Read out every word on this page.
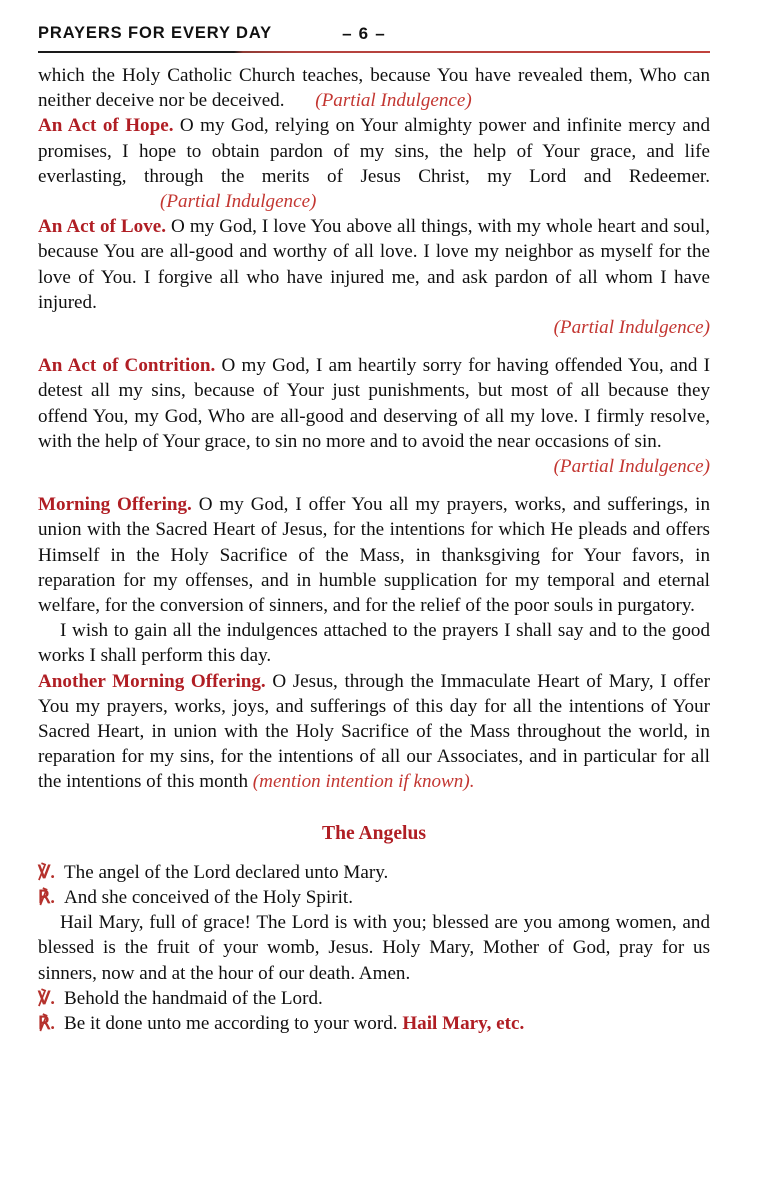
PRAYERS FOR EVERY DAY	– 6 –

which the Holy Catholic Church teaches, because You have revealed them, Who can neither deceive nor be deceived. (Partial Indulgence)

An Act of Hope. O my God, relying on Your almighty power and infinite mercy and promises, I hope to obtain pardon of my sins, the help of Your grace, and life everlasting, through the merits of Jesus Christ, my Lord and Redeemer. (Partial Indulgence)

An Act of Love. O my God, I love You above all things, with my whole heart and soul, because You are all-good and worthy of all love. I love my neighbor as myself for the love of You. I forgive all who have injured me, and ask pardon of all whom I have injured.

(Partial Indulgence)

An Act of Contrition. O my God, I am heartily sorry for having offended You, and I detest all my sins, because of Your just punishments, but most of all because they offend You, my God, Who are all-good and deserving of all my love. I firmly resolve, with the help of Your grace, to sin no more and to avoid the near occasions of sin.

(Partial Indulgence)

Morning Offering. O my God, I offer You all my prayers, works, and sufferings, in union with the Sacred Heart of Jesus, for the intentions for which He pleads and offers Himself in the Holy Sacrifice of the Mass, in thanksgiving for Your favors, in reparation for my offenses, and in humble supplication for my temporal and eternal welfare, for the conversion of sinners, and for the relief of the poor souls in purgatory.

I wish to gain all the indulgences attached to the prayers I shall say and to the good works I shall perform this day.

Another Morning Offering. O Jesus, through the Immaculate Heart of Mary, I offer You my prayers, works, joys, and sufferings of this day for all the intentions of Your Sacred Heart, in union with the Holy Sacrifice of the Mass throughout the world, in reparation for my sins, for the intentions of all our Associates, and in particular for all the intentions of this month (mention intention if known).

The Angelus

℣. The angel of the Lord declared unto Mary.

℟. And she conceived of the Holy Spirit.

Hail Mary, full of grace! The Lord is with you; blessed are you among women, and blessed is the fruit of your womb, Jesus. Holy Mary, Mother of God, pray for us sinners, now and at the hour of our death. Amen.

℣. Behold the handmaid of the Lord.

℟. Be it done unto me according to your word. Hail Mary, etc.
